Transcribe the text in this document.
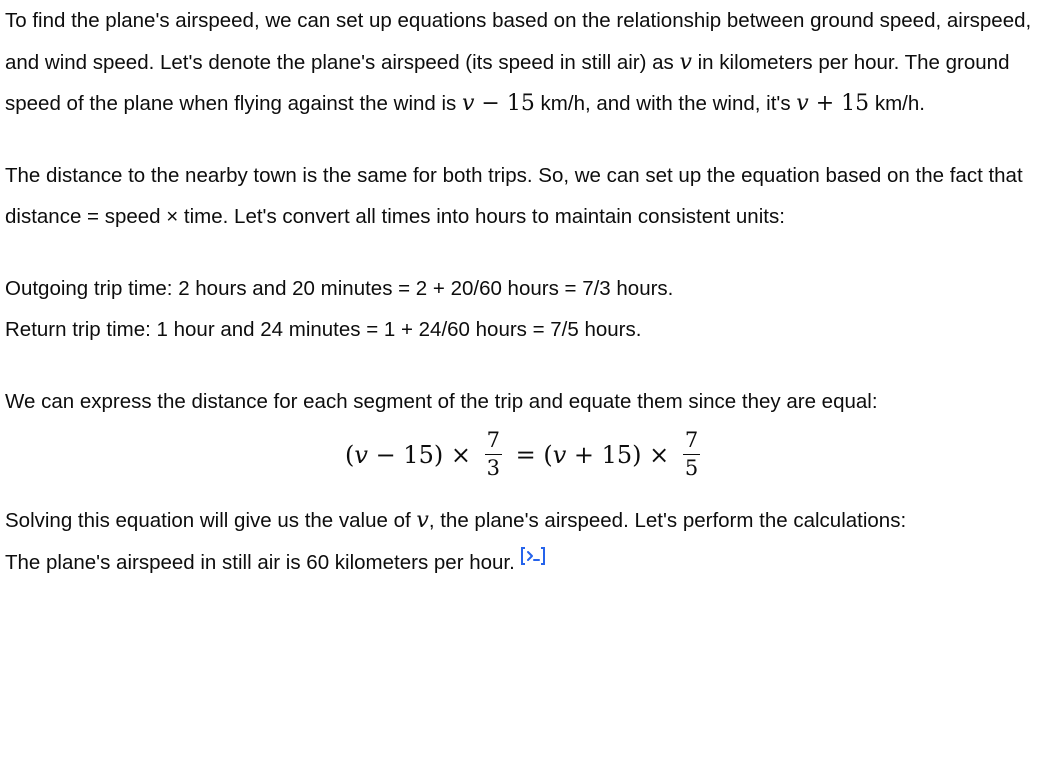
To find the plane's airspeed, we can set up equations based on the relationship between ground speed, airspeed, and wind speed. Let's denote the plane's airspeed (its speed in still air) as v in kilometers per hour. The ground speed of the plane when flying against the wind is v − 15 km/h, and with the wind, it's v + 15 km/h.

The distance to the nearby town is the same for both trips. So, we can set up the equation based on the fact that distance = speed × time. Let's convert all times into hours to maintain consistent units:

Outgoing trip time: 2 hours and 20 minutes = 2 + 20/60 hours = 7/3 hours.

Return trip time: 1 hour and 24 minutes = 1 + 24/60 hours = 7/5 hours.

We can express the distance for each segment of the trip and equate them since they are equal:

( $v - 15) \times \frac{7}{3}$ = ( $v + 15) \times \frac{7}{5}$

Solving this equation will give us the value of v, the plane's airspeed. Let's perform the calculations:

The plane's airspeed in still air is 60 kilometers per hour.
